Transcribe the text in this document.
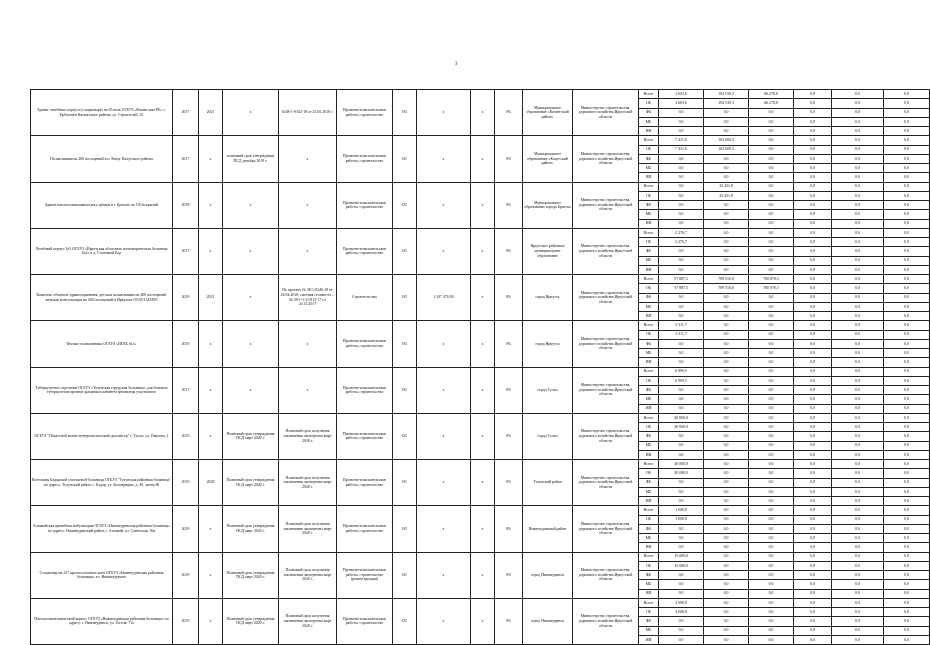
3
Здание лечебного корпуса (стационара) на 35 коек ОГБУЗ «Катангская РБ» с. Ербогачен Катангского района, ул. Строителей, 25	2017	2021	х	№38-1-0332-18 от 25.05.2018 г.	Проектно-изыскательские работы, строительство	ОС	х	х	0%	Муниципальное образование «Катангский район»	Министерство строительства, дорожного хозяйства Иркутской области	Всего	3 603,6	194 539,3	66 278,8	0,0	0,0	0,0
												ОБ	3 603,6	194 539,3	66 278,8	0,0	0,0	0,0
												ФБ	0,0	0,0	0,0	0,0	0,0	0,0
												МБ	0,0	0,0	0,0	0,0	0,0	0,0
												ИИ	0,0	0,0	0,0	0,0	0,0	0,0
Поликлиника на 200 посещений в п. Качуг Качугского района	2017	х	плановый срок утверждения ПСД декабрь 2019 г.	х	Проектно-изыскательские работы, строительство	ОС	х	х	0%	Муниципальное образование «Качугский район»	Министерство строительства, дорожного хозяйства Иркутской области	Всего	7 431,0	103 600,3	0,0	0,0	0,0	0,0
												ОБ	7 431,0	103 600,3	0,0	0,0	0,0	0,0
												ФБ	0,0	0,0	0,0	0,0	0,0	0,0
												МБ	0,0	0,0	0,0	0,0	0,0	0,0
												ИИ	0,0	0,0	0,0	0,0	0,0	0,0
Здание патологоанатомического центра в г. Братске на 130 вскрытий	2018	х	х	х	Проектно-изыскательские работы, строительство	ОС	х	х	0%	Муниципальное образование города Братска	Министерство строительства, дорожного хозяйства Иркутской области	Всего	0,0	35 431,8	0,0	0,0	0,0	0,0
												ОБ	0,0	35 431,8	0,0	0,0	0,0	0,0
												ФБ	0,0	0,0	0,0	0,0	0,0	0,0
												МБ	0,0	0,0	0,0	0,0	0,0	0,0
												ИИ	0,0	0,0	0,0	0,0	0,0	0,0
Лечебный корпус №3 ОГБУЗ «Иркутская областная психиатрическая больница №2» в д. Сосновый Бор	2017	х	х	х	Проектно-изыскательские работы, строительство	ОС	х	х	0%	Иркутское районное муниципальное образование	Министерство строительства, дорожного хозяйства Иркутской области	Всего	2 276,7	0,0	0,0	0,0	0,0	0,0
												ОБ	2 276,7	0,0	0,0	0,0	0,0	0,0
												ФБ	0,0	0,0	0,0	0,0	0,0	0,0
												МБ	0,0	0,0	0,0	0,0	0,0	0,0
												ИИ	0,0	0,0	0,0	0,0	0,0	0,0
Комплекс объектов здравоохранения: детская поликлиника на 400 посещений, женская консультация на 200 посещений в Иркутске ОГАУЗ ИАПО	2019	2021	х	По проекту № 38-1-0246-18 от 26.04.2018, сметная стоимость – № 38-1-1-3-0115-17 от 24.11.2017	Строительство	ОС	1 547 470,00	х	0%	город Иркутск	Министерство строительства, дорожного хозяйства Иркутской области	Всего	57 887,5	709 510,0	780 070,5	0,0	0,0	0,0
												ОБ	57 887,5	709 510,0	780 070,5	0,0	0,0	0,0
												ФБ	0,0	0,0	0,0	0,0	0,0	0,0
												МБ	0,0	0,0	0,0	0,0	0,0	0,0
												ИИ	0,0	0,0	0,0	0,0	0,0	0,0
Филиал поликлиники ОГАУЗ «ИГКБ №1»	2019	х	х	х	Проектно-изыскательские работы, строительство	ОС	х	х	0%	город Иркутск	Министерство строительства, дорожного хозяйства Иркутской области	Всего	3 311,7	0,0	0,0	0,0	0,0	0,0
												ОБ	3 311,7	0,0	0,0	0,0	0,0	0,0
												ФБ	0,0	0,0	0,0	0,0	0,0	0,0
												МБ	0,0	0,0	0,0	0,0	0,0	0,0
												ИИ	0,0	0,0	0,0	0,0	0,0	0,0
Туберкулезное отделение ОГБУЗ «Тулунская городская больница» для больных туберкулезом органов дыхания и кабинета фтизиатра участкового	2017	х	х	х	Проектно-изыскательские работы, строительство	ОС	х	х	0%	город Тулун	Министерство строительства, дорожного хозяйства Иркутской области	Всего	6 999,5	0,0	0,0	0,0	0,0	0,0
												ОБ	6 999,5	0,0	0,0	0,0	0,0	0,0
												ФБ	0,0	0,0	0,0	0,0	0,0	0,0
												МБ	0,0	0,0	0,0	0,0	0,0	0,0
												ИИ	0,0	0,0	0,0	0,0	0,0	0,0
ОГБУЗ "Областной кожно-венерологический диспансер" г. Тулун, ул. Павлова, 2	2019	х	Плановый срок утверждения ПСД март 2020 г.	Плановый срок получения заключения экспертизы март 2020 г.	Проектно-изыскательские работы, строительство	ОС	х	х	0%	город Тулун	Министерство строительства, дорожного хозяйства Иркутской области	Всего	30 000,0	0,0	0,0	0,0	0,0	0,0
												ОБ	30 000,0	0,0	0,0	0,0	0,0	0,0
												ФБ	0,0	0,0	0,0	0,0	0,0	0,0
												МБ	0,0	0,0	0,0	0,0	0,0	0,0
												ИИ	0,0	0,0	0,0	0,0	0,0	0,0
Котельная Бадарской участковой больницы ОГБУЗ "Тулунская районная больница" по адресу: Тулунский район, с. Бадар, ул. Кооперации, д. 40, литер Ж	2019	2020	Плановый срок утверждения ПСД март 2020 г.	Плановый срок получения заключения экспертизы март 2020 г.	Проектно-изыскательские работы, строительство	ОС	х	х	0%	Тулунский район	Министерство строительства, дорожного хозяйства Иркутской области	Всего	20 000,0	0,0	0,0	0,0	0,0	0,0
												ОБ	20 000,0	0,0	0,0	0,0	0,0	0,0
												ФБ	0,0	0,0	0,0	0,0	0,0	0,0
												МБ	0,0	0,0	0,0	0,0	0,0	0,0
												ИИ	0,0	0,0	0,0	0,0	0,0	0,0
Алзамайская врачебная амбулатория ОГБУЗ «Нижнеудинская районная больница» по адресу: Нижнеудинский район, г. Алзамай, ул. Советская, 16а	2019	х	Плановый срок утверждения ПСД март 2020 г.	Плановый срок получения заключения экспертизы март 2020 г.	Проектно-изыскательские работы, строительство	ОС	х	х	0%	Нижнеудинский район	Министерство строительства, дорожного хозяйства Иркутской области	Всего	1 000,0	0,0	0,0	0,0	0,0	0,0
												ОБ	1 000,0	0,0	0,0	0,0	0,0	0,0
												ФБ	0,0	0,0	0,0	0,0	0,0	0,0
												МБ	0,0	0,0	0,0	0,0	0,0	0,0
												ИИ	0,0	0,0	0,0	0,0	0,0	0,0
Стационар на 227 круглосуточных коек ОГБУЗ «Нижнеудинская районная больница» в г. Нижнеудинске	2019	х	Плановый срок утверждения ПСД март 2020 г.	Плановый срок получения заключения экспертизы март 2020 г.	Проектно-изыскательские работы, строительство (реконструкция)	ОС	х	х	0%	город Нижнеудинск	Министерство строительства, дорожного хозяйства Иркутской области	Всего	15 000,0	0,0	0,0	0,0	0,0	0,0
												ОБ	15 000,0	0,0	0,0	0,0	0,0	0,0
												ФБ	0,0	0,0	0,0	0,0	0,0	0,0
												МБ	0,0	0,0	0,0	0,0	0,0	0,0
												ИИ	0,0	0,0	0,0	0,0	0,0	0,0
Патологоанатомический корпус ОГБУЗ «Нижнеудинская районная больница» по адресу: г. Нижнеудинск, ул. Гоголя, 71а	2019	х	Плановый срок утверждения ПСД март 2020 г.	Плановый срок получения заключения экспертизы март 2020 г.	Проектно-изыскательские работы, строительство	ОС	х	х	0%	город Нижнеудинск	Министерство строительства, дорожного хозяйства Иркутской области	Всего	4 000,0	0,0	0,0	0,0	0,0	0,0
												ОБ	4 000,0	0,0	0,0	0,0	0,0	0,0
												ФБ	0,0	0,0	0,0	0,0	0,0	0,0
												МБ	0,0	0,0	0,0	0,0	0,0	0,0
												ИИ	0,0	0,0	0,0	0,0	0,0	0,0
